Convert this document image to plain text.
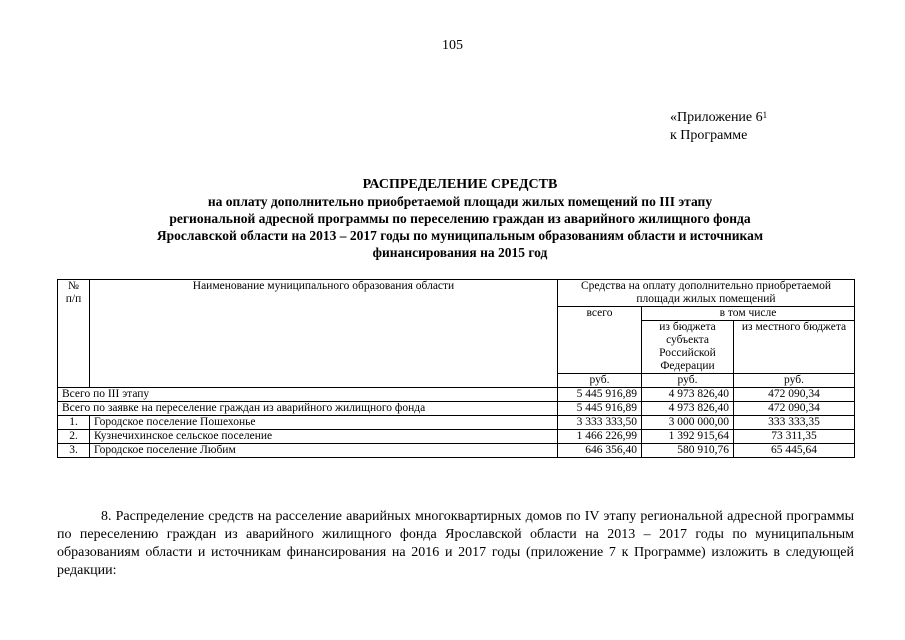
105
«Приложение $6^1$
к Программе
РАСПРЕДЕЛЕНИЕ СРЕДСТВ
на оплату дополнительно приобретаемой площади жилых помещений по III этапу
региональной адресной программы по переселению граждан из аварийного жилищного фонда
Ярославской области на 2013 – 2017 годы по муниципальным образованиям области и источникам
финансирования на 2015 год
№ п/п	Наименование муниципального образования области	Средства на оплату дополнительно приобретаемой площади жилых помещений		
		всего	в том числе	
			из бюджета субъекта Российской Федерации	из местного бюджета
		руб.	руб.	руб.
Всего по III этапу		5 445 916,89	4 973 826,40	472 090,34
Всего по заявке на переселение граждан из аварийного жилищного фонда		5 445 916,89	4 973 826,40	472 090,34
1.	Городское поселение Пошехонье	3 333 333,50	3 000 000,00	333 333,35
2.	Кузнечихинское сельское поселение	1 466 226,99	1 392 915,64	73 311,35
3.	Городское поселение Любим	646 356,40	580 910,76	65 445,64
8. Распределение средств на расселение аварийных многоквартирных домов по IV этапу региональной адресной программы по переселению граждан из аварийного жилищного фонда Ярославской области на 2013 – 2017 годы по муниципальным образованиям области и источникам финансирования на 2016 и 2017 годы (приложение 7 к Программе) изложить в следующей редакции:
